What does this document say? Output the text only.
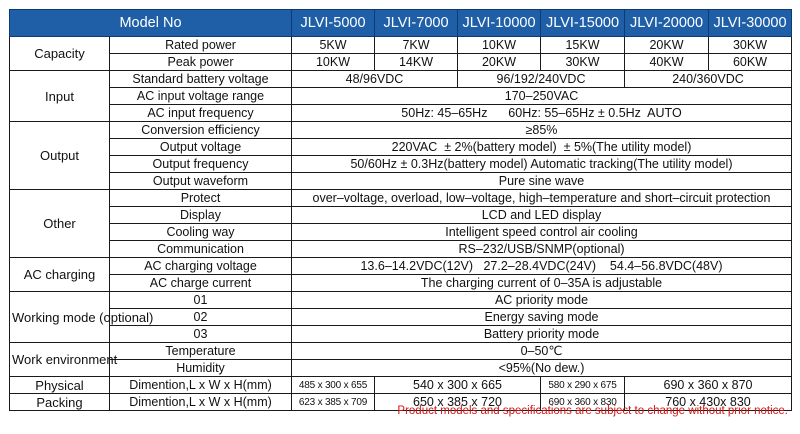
Model No		JLVI-5000	JLVI-7000	JLVI-10000	JLVI-15000	JLVI-20000	JLVI-30000
Capacity	Rated power	5KW	7KW	10KW	15KW	20KW	30KW
	Peak power	10KW	14KW	20KW	30KW	40KW	60KW
Input	Standard battery voltage	48/96VDC		96/192/240VDC		240/360VDC	
	AC input voltage range	170–250VAC					
	AC input frequency	50Hz: 45–65Hz      60Hz: 55–65Hz ± 0.5Hz  AUTO					
Output	Conversion efficiency	≥85%					
	Output voltage	220VAC  ± 2%(battery model)  ± 5%(The utility model)					
	Output frequency	50/60Hz ± 0.3Hz(battery model) Automatic tracking(The utility model)					
	Output waveform	Pure sine wave					
Other	Protect	over–voltage, overload, low–voltage, high–temperature and short–circuit protection					
	Display	LCD and LED display					
	Cooling way	Intelligent speed control air cooling					
	Communication	RS–232/USB/SNMP(optional)					
AC charging	AC charging voltage	13.6–14.2VDC(12V)   27.2–28.4VDC(24V)    54.4–56.8VDC(48V)					
	AC charge current	The charging current of 0–35A is adjustable					
Working mode (optional)	01	AC priority mode					
	02	Energy saving mode					
	03	Battery priority mode					
Work environment	Temperature	0–50℃					
	Humidity	<95%(No dew.)					
Physical	Dimention,L x W x H(mm)	485 x 300 x 655	540 x 300 x 665		580 x 290 x 675	690 x 360 x 870	
Packing	Dimention,L x W x H(mm)	623 x 385 x 709	650 x 385 x 720		690 x 360 x 830	760 x 430x 830	
Product models and specifications are subject to change without prior notice.
